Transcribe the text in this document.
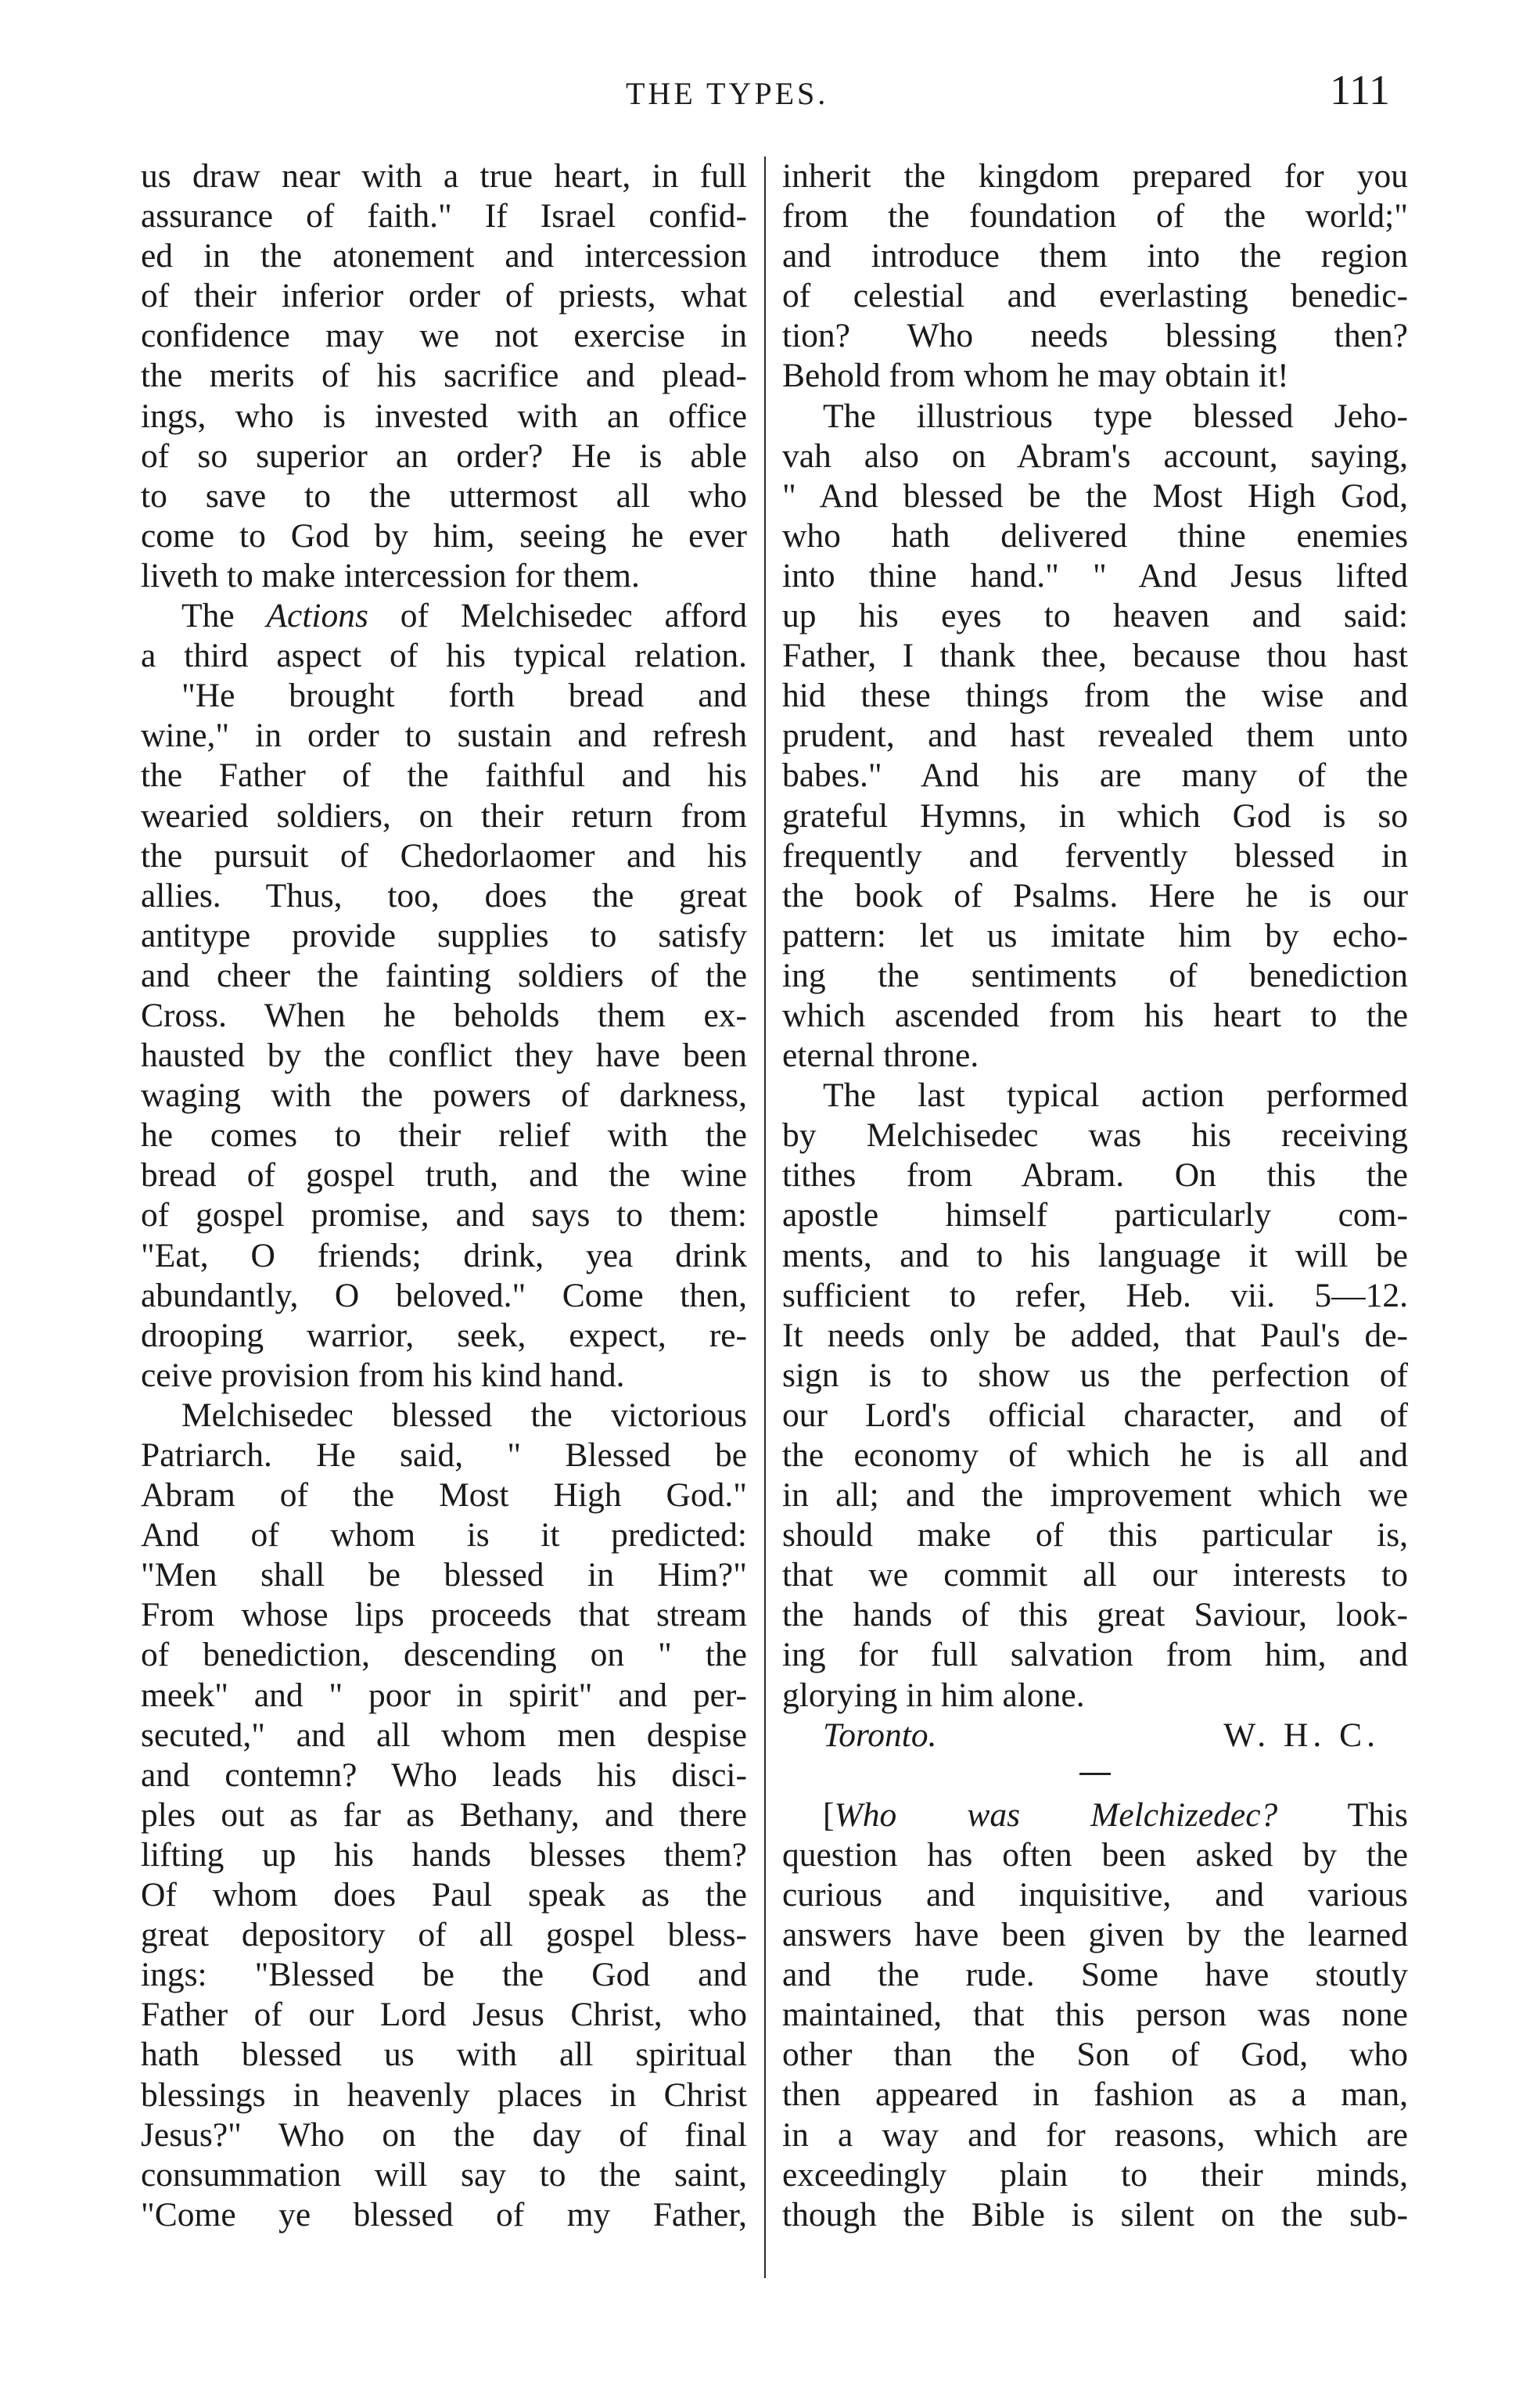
THE TYPES.	111

us draw near with a true heart, in full

assurance of faith." If Israel confid-

ed in the atonement and intercession

of their inferior order of priests, what

confidence may we not exercise in

the merits of his sacrifice and plead-

ings, who is invested with an office

of so superior an order? He is able

to save to the uttermost all who

come to God by him, seeing he ever

liveth to make intercession for them.

The Actions of Melchisedec afford

a third aspect of his typical relation.

"He brought forth bread and

wine," in order to sustain and refresh

the Father of the faithful and his

wearied soldiers, on their return from

the pursuit of Chedorlaomer and his

allies. Thus, too, does the great

antitype provide supplies to satisfy

and cheer the fainting soldiers of the

Cross. When he beholds them ex-

hausted by the conflict they have been

waging with the powers of darkness,

he comes to their relief with the

bread of gospel truth, and the wine

of gospel promise, and says to them:

"Eat, O friends; drink, yea drink

abundantly, O beloved." Come then,

drooping warrior, seek, expect, re-

ceive provision from his kind hand.

Melchisedec blessed the victorious

Patriarch. He said, " Blessed be

Abram of the Most High God."

And of whom is it predicted:

"Men shall be blessed in Him?"

From whose lips proceeds that stream

of benediction, descending on " the

meek" and " poor in spirit" and per-

secuted," and all whom men despise

and contemn? Who leads his disci-

ples out as far as Bethany, and there

lifting up his hands blesses them?

Of whom does Paul speak as the

great depository of all gospel bless-

ings: "Blessed be the God and

Father of our Lord Jesus Christ, who

hath blessed us with all spiritual

blessings in heavenly places in Christ

Jesus?" Who on the day of final

consummation will say to the saint,

"Come ye blessed of my Father,

inherit the kingdom prepared for you

from the foundation of the world;"

and introduce them into the region

of celestial and everlasting benedic-

tion? Who needs blessing then?

Behold from whom he may obtain it!

The illustrious type blessed Jeho-

vah also on Abram's account, saying,

" And blessed be the Most High God,

who hath delivered thine enemies

into thine hand." " And Jesus lifted

up his eyes to heaven and said:

Father, I thank thee, because thou hast

hid these things from the wise and

prudent, and hast revealed them unto

babes." And his are many of the

grateful Hymns, in which God is so

frequently and fervently blessed in

the book of Psalms. Here he is our

pattern: let us imitate him by echo-

ing the sentiments of benediction

which ascended from his heart to the

eternal throne.

The last typical action performed

by Melchisedec was his receiving

tithes from Abram. On this the

apostle himself particularly com-

ments, and to his language it will be

sufficient to refer, Heb. vii. 5—12.

It needs only be added, that Paul's de-

sign is to show us the perfection of

our Lord's official character, and of

the economy of which he is all and

in all; and the improvement which we

should make of this particular is,

that we commit all our interests to

the hands of this great Saviour, look-

ing for full salvation from him, and

glorying in him alone.

Toronto.	W. H. C.

[Who was Melchizedec? This

question has often been asked by the

curious and inquisitive, and various

answers have been given by the learned

and the rude. Some have stoutly

maintained, that this person was none

other than the Son of God, who

then appeared in fashion as a man,

in a way and for reasons, which are

exceedingly plain to their minds,

though the Bible is silent on the sub-
